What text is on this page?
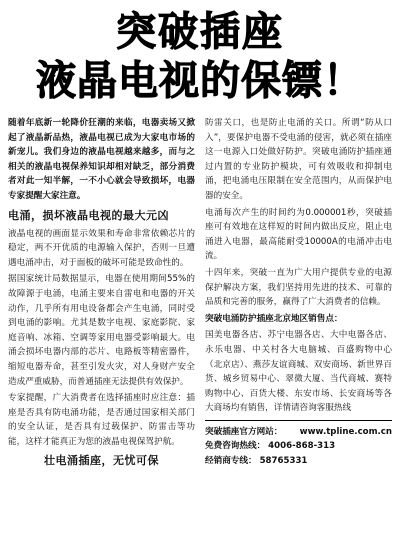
突破插座
液晶电视的保镖！

随着年底新一轮降价狂潮的来临，电器卖场又掀起了液晶新品热，液晶电视已成为大家电市场的新宠儿。我们身边的液晶电视越来越多，而与之相关的液晶电视保养知识却相对缺乏，部分消费者对此一知半解，一不小心就会导致损坏，电器专家提醒大家注意。

电涌，损坏液晶电视的最大元凶

液晶电视的画面显示效果和寿命非常依赖芯片的稳定，两不开优质的电源输入保护，否则一旦遭遇电涌冲击，对于面板的破坏可能是致命性的。

据国家统计局数据显示，电器在使用期间55%的故障源于电涌，电涌主要来自雷电和电器的开关动作，几乎所有用电设备都会产生电涌，同时受到电涌的影响。尤其是数字电视、家庭影院、家庭音响、冰箱、空调等家用电器受影响最大。电涌会损坏电器内部的芯片、电路板等精密器件，缩短电器寿命，甚至引发火灾，对人身财产安全造成严重威胁，而普通插座无法提供有效保护。

专家提醒，广大消费者在选择插座时应注意：插座是否具有防电涌功能，是否通过国家相关部门的安全认证，是否具有过载保护、防雷击等功能，这样才能真正为您的液晶电视保驾护航。

壮电涌插座，无忧可保

防雷关口，也是防止电涌的关口。所谓“防从口入”，要保护电器不受电涌的侵害，就必须在插座这一电源入口处做好防护。突破电涌防护插座通过内置的专业防护模块，可有效吸收和抑制电涌，把电涌电压限制在安全范围内，从而保护电器的安全。

电涌每次产生的时间约为0.000001秒，突破插座可有效地在这样短的时间内做出反应，阻止电涌进入电器，最高能耐受10000A的电涌冲击电流。

十四年来，突破一直为广大用户提供专业的电源保护解决方案，我们坚持用先进的技术、可靠的品质和完善的服务，赢得了广大消费者的信赖。

突破电涌防护插座北京地区销售点：

国美电器各店、苏宁电器各店、大中电器各店、永乐电器、中关村各大电脑城、百盛购物中心（北京店）、燕莎友谊商城、双安商场、新世界百货、城乡贸易中心、翠微大厦、当代商城、赛特购物中心、百货大楼、东安市场、长安商场等各大商场均有销售，详情请咨询客服热线

突破插座官方网站： www.tpline.com.cn
免费咨询热线： 4006-868-313
经销商专线： 58765331
